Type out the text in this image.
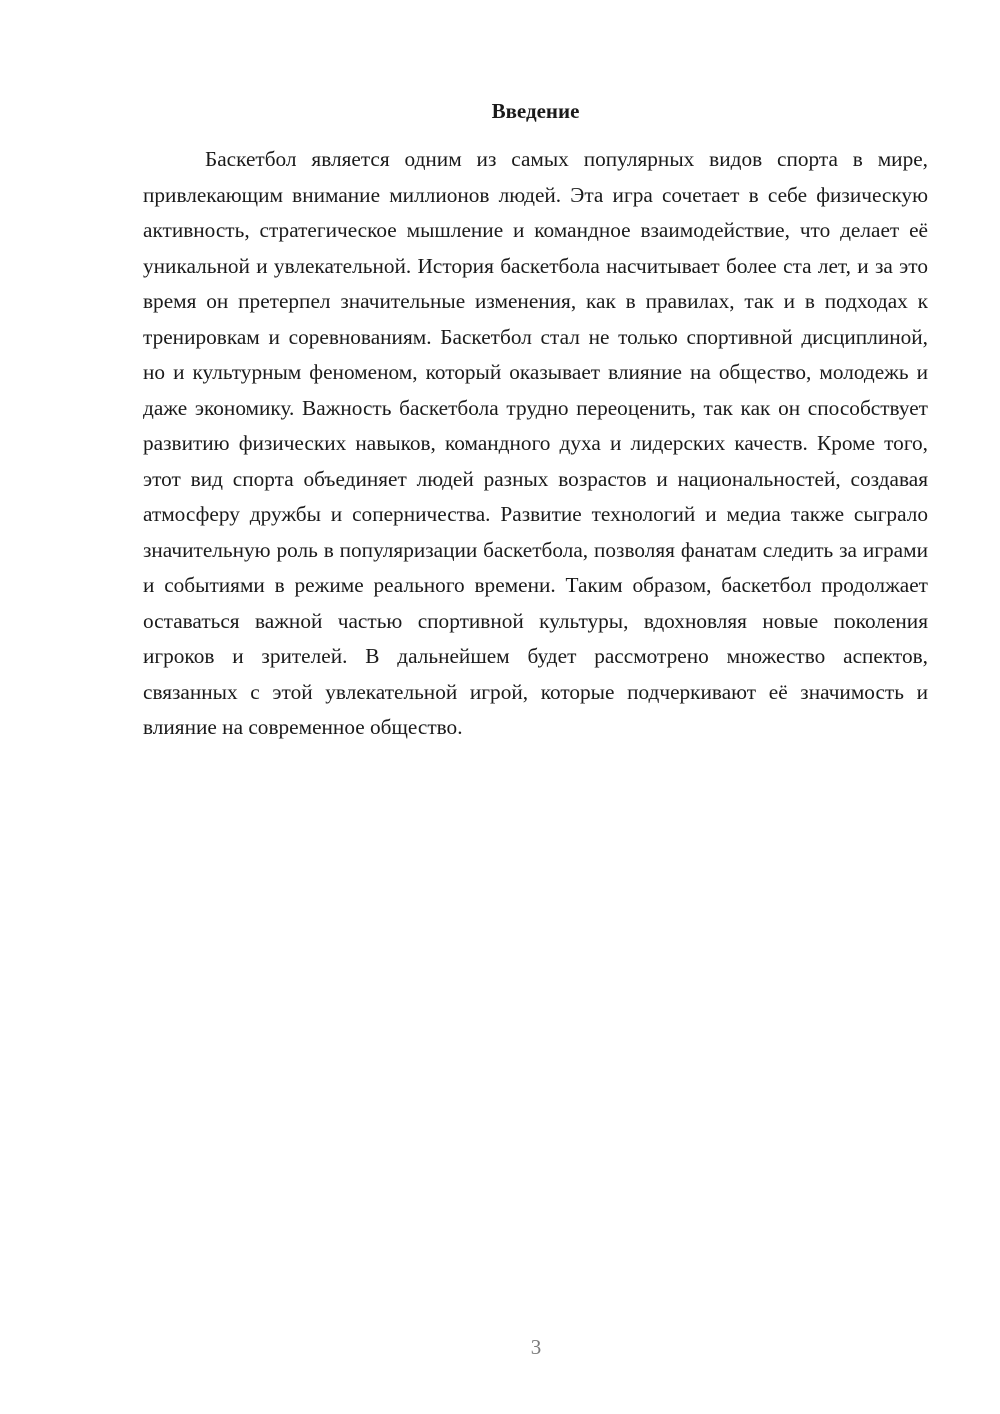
Введение

Баскетбол является одним из самых популярных видов спорта в мире, привлекающим внимание миллионов людей. Эта игра сочетает в себе физическую активность, стратегическое мышление и командное взаимодействие, что делает её уникальной и увлекательной. История баскетбола насчитывает более ста лет, и за это время он претерпел значительные изменения, как в правилах, так и в подходах к тренировкам и соревнованиям. Баскетбол стал не только спортивной дисциплиной, но и культурным феноменом, который оказывает влияние на общество, молодежь и даже экономику. Важность баскетбола трудно переоценить, так как он способствует развитию физических навыков, командного духа и лидерских качеств. Кроме того, этот вид спорта объединяет людей разных возрастов и национальностей, создавая атмосферу дружбы и соперничества. Развитие технологий и медиа также сыграло значительную роль в популяризации баскетбола, позволяя фанатам следить за играми и событиями в режиме реального времени. Таким образом, баскетбол продолжает оставаться важной частью спортивной культуры, вдохновляя новые поколения игроков и зрителей. В дальнейшем будет рассмотрено множество аспектов, связанных с этой увлекательной игрой, которые подчеркивают её значимость и влияние на современное общество.

3
